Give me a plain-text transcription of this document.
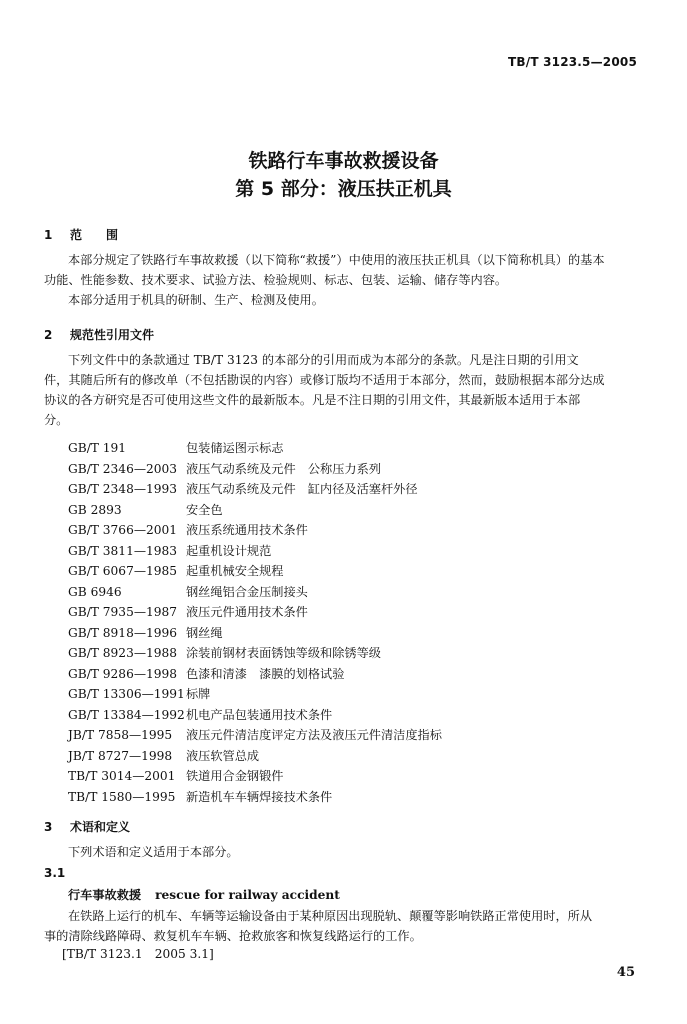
TB/T 3123.5—2005
铁路行车事故救援设备
第 5 部分：液压扶正机具
1 范　　围
本部分规定了铁路行车事故救援（以下简称“救援”）中使用的液压扶正机具（以下简称机具）的基本
功能、性能参数、技术要求、试验方法、检验规则、标志、包装、运输、储存等内容。
本部分适用于机具的研制、生产、检测及使用。
2 规范性引用文件
下列文件中的条款通过 TB/T 3123 的本部分的引用而成为本部分的条款。凡是注日期的引用文
件，其随后所有的修改单（不包括勘误的内容）或修订版均不适用于本部分，然而，鼓励根据本部分达成
协议的各方研究是否可使用这些文件的最新版本。凡是不注日期的引用文件，其最新版本适用于本部
分。
GB/T 191	包装储运图示标志
GB/T 2346—2003 液压气动系统及元件　公称压力系列
GB/T 2348—1993 液压气动系统及元件　缸内径及活塞杆外径
GB 2893	安全色
GB/T 3766—2001 液压系统通用技术条件
GB/T 3811—1983 起重机设计规范
GB/T 6067—1985 起重机械安全规程
GB 6946	钢丝绳铝合金压制接头
GB/T 7935—1987 液压元件通用技术条件
GB/T 8918—1996 钢丝绳
GB/T 8923—1988 涂装前钢材表面锈蚀等级和除锈等级
GB/T 9286—1998 色漆和清漆　漆膜的划格试验
GB/T 13306—1991标牌
GB/T 13384—1992机电产品包装通用技术条件
JB/T 7858—1995 液压元件清洁度评定方法及液压元件清洁度指标
JB/T 8727—1998 液压软管总成
TB/T 3014—2001 铁道用合金钢锻件
TB/T 1580—1995 新造机车车辆焊接技术条件
3 术语和定义
下列术语和定义适用于本部分。
3.1
行车事故救援 rescue for railway accident
在铁路上运行的机车、车辆等运输设备由于某种原因出现脱轨、颠覆等影响铁路正常使用时，所从
事的清除线路障碍、救复机车车辆、抢救旅客和恢复线路运行的工作。
[TB/T 3123.1　2005 3.1]
45
